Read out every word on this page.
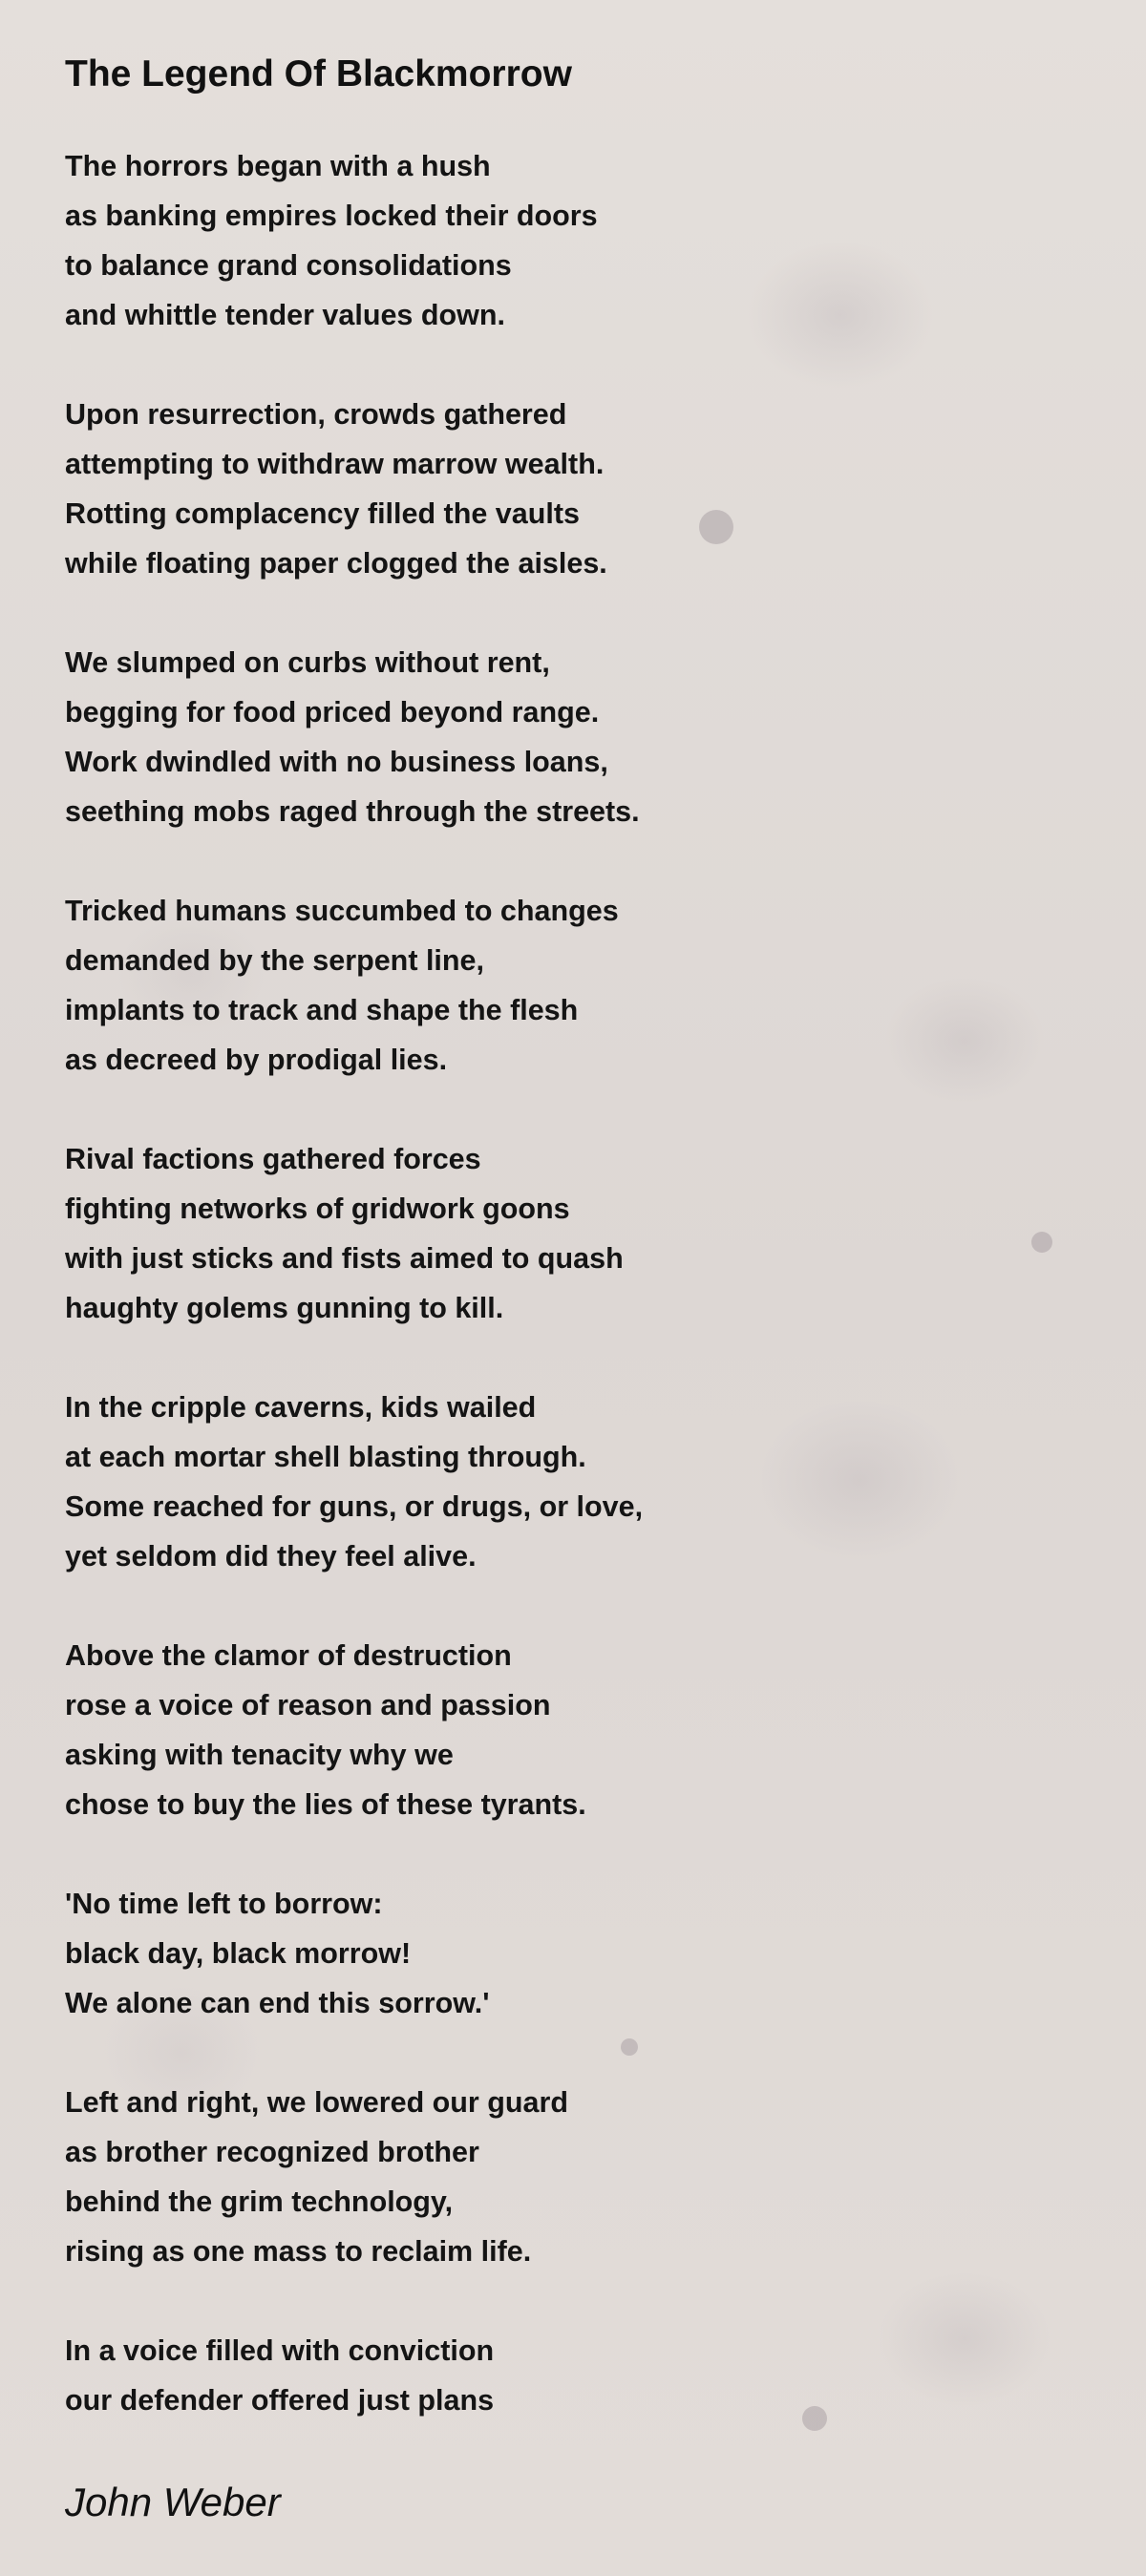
The Legend Of Blackmorrow

The horrors began with a hush
as banking empires locked their doors
to balance grand consolidations
and whittle tender values down.

Upon resurrection, crowds gathered
attempting to withdraw marrow wealth.
Rotting complacency filled the vaults
while floating paper clogged the aisles.

We slumped on curbs without rent,
begging for food priced beyond range.
Work dwindled with no business loans,
seething mobs raged through the streets.

Tricked humans succumbed to changes
demanded by the serpent line,
implants to track and shape the flesh
as decreed by prodigal lies.

Rival factions gathered forces
fighting networks of gridwork goons
with just sticks and fists aimed to quash
haughty golems gunning to kill.

In the cripple caverns, kids wailed
at each mortar shell blasting through.
Some reached for guns, or drugs, or love,
yet seldom did they feel alive.

Above the clamor of destruction
rose a voice of reason and passion
asking with tenacity why we
chose to buy the lies of these tyrants.

'No time left to borrow:
black day, black morrow!
We alone can end this sorrow.'

Left and right, we lowered our guard
as brother recognized brother
behind the grim technology,
rising as one mass to reclaim life.

In a voice filled with conviction
our defender offered just plans

John Weber
